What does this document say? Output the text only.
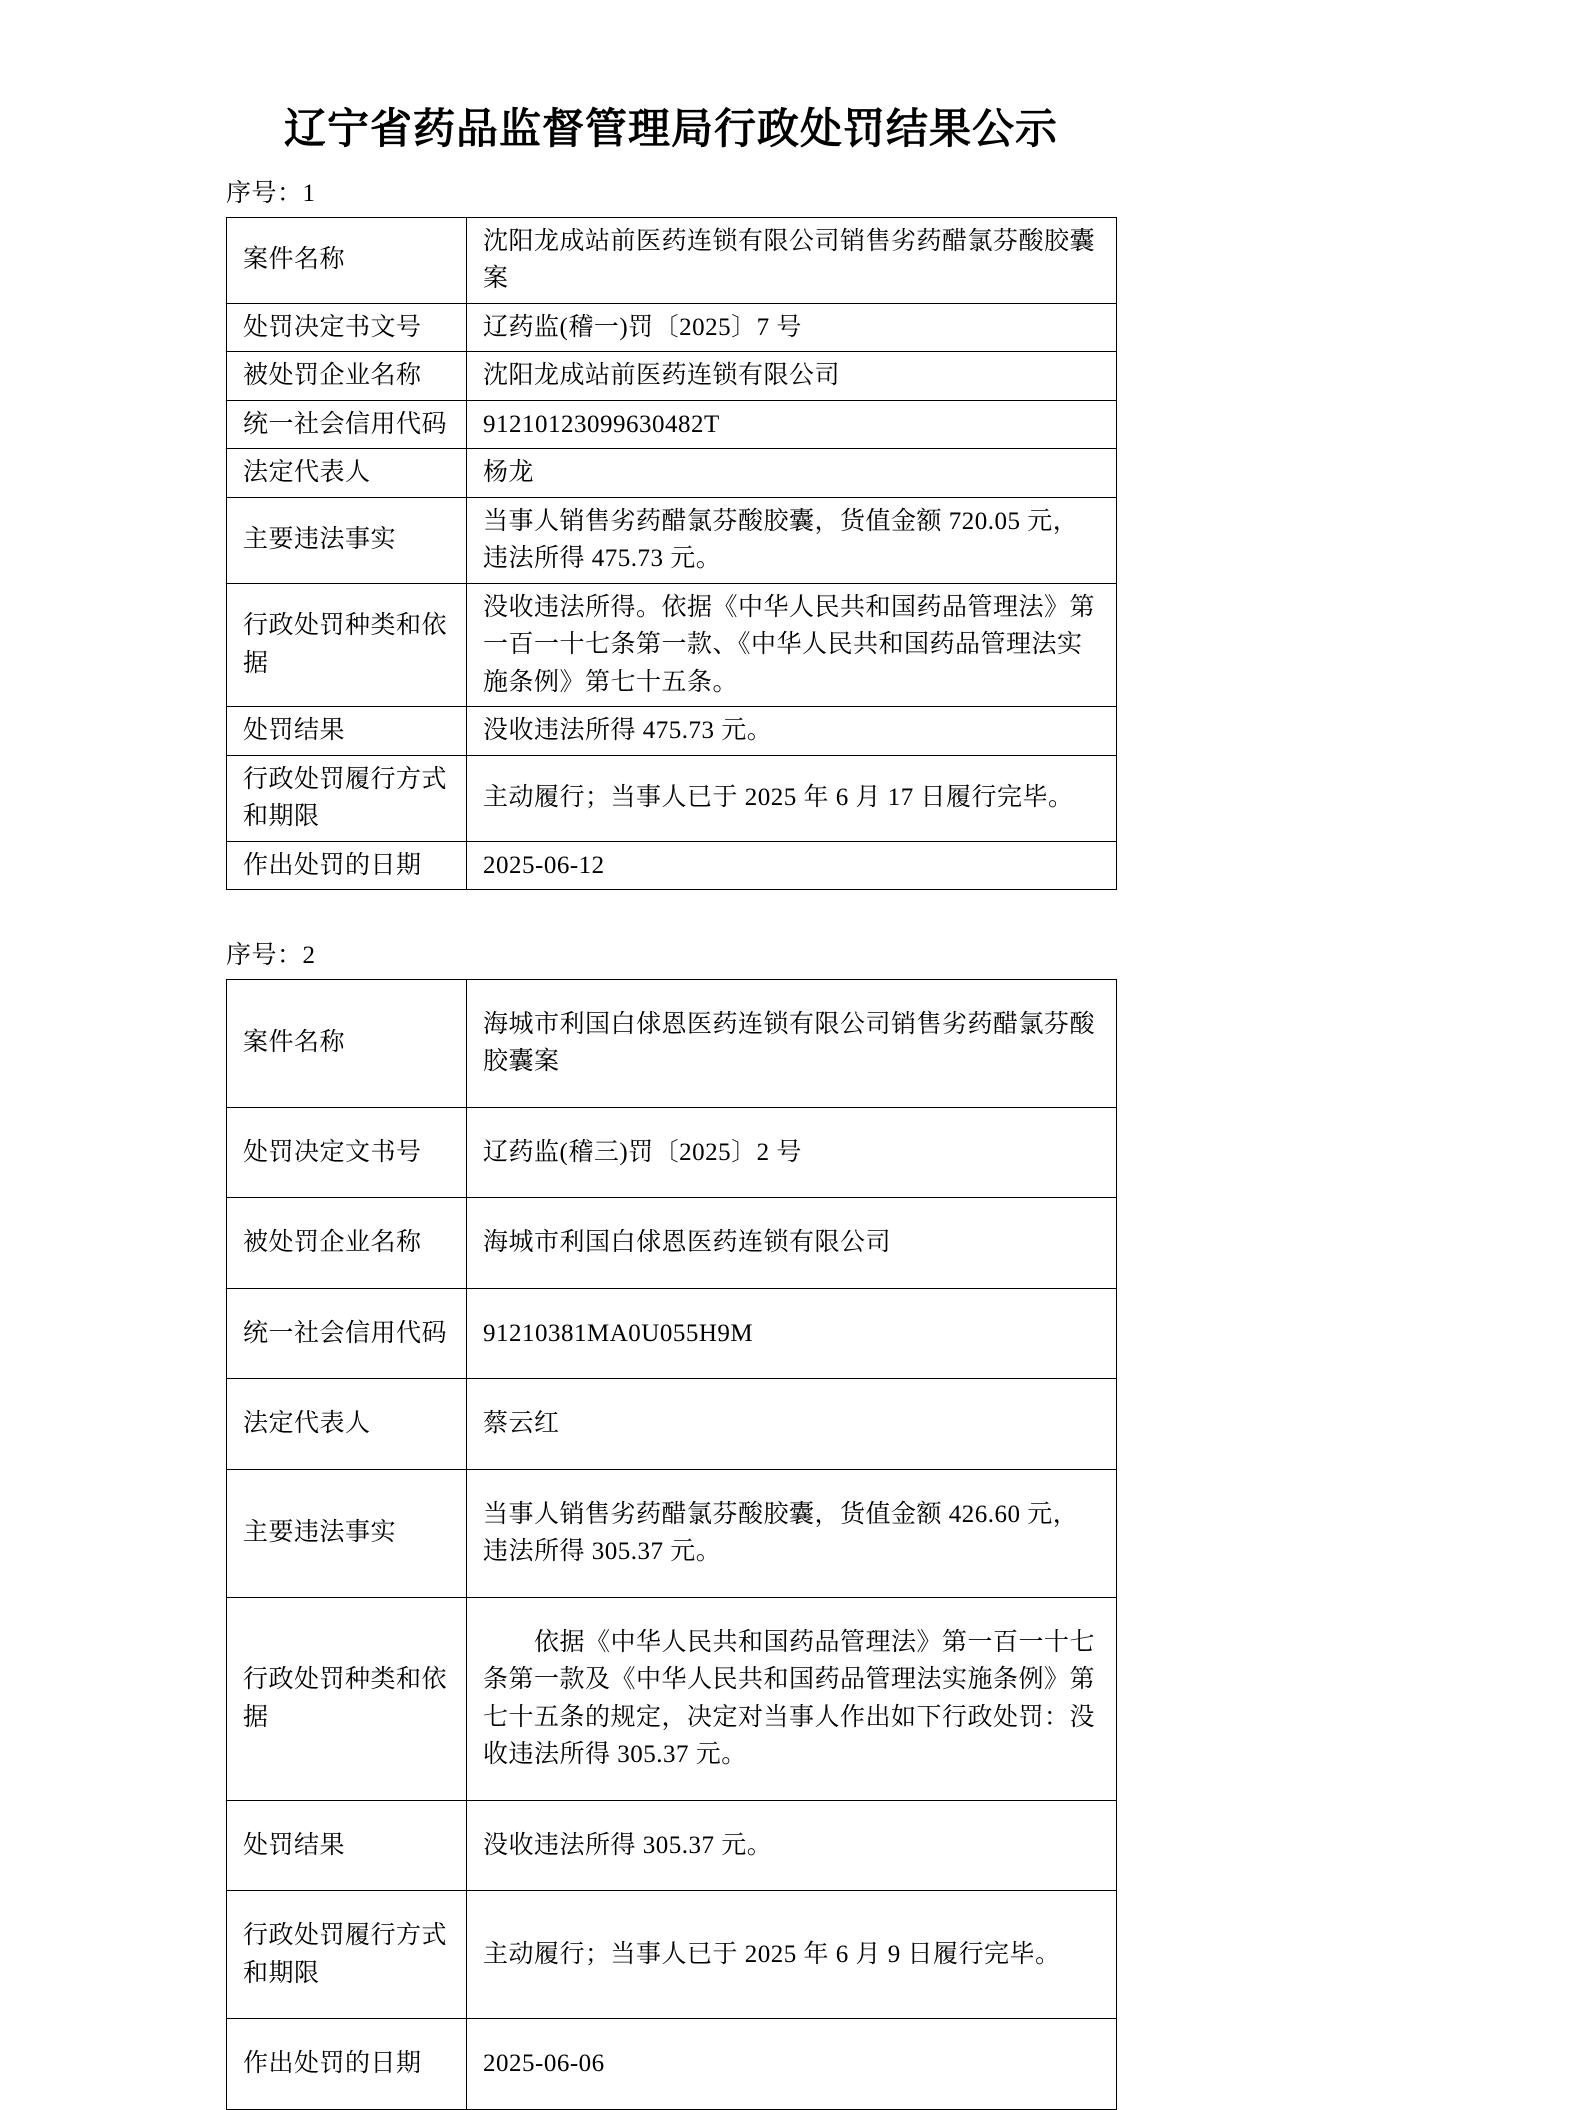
辽宁省药品监督管理局行政处罚结果公示
序号：1
案件名称	沈阳龙成站前医药连锁有限公司销售劣药醋氯芬酸胶囊案
处罚决定书文号	辽药监(稽一)罚〔2025〕7 号
被处罚企业名称	沈阳龙成站前医药连锁有限公司
统一社会信用代码	91210123099630482T
法定代表人	杨龙
主要违法事实	当事人销售劣药醋氯芬酸胶囊，货值金额 720.05 元，违法所得 475.73 元。
行政处罚种类和依据	没收违法所得。依据《中华人民共和国药品管理法》第一百一十七条第一款、《中华人民共和国药品管理法实施条例》第七十五条。
处罚结果	没收违法所得 475.73 元。
行政处罚履行方式和期限	主动履行；当事人已于 2025 年 6 月 17 日履行完毕。
作出处罚的日期	2025-06-12
序号：2
案件名称	海城市利国白俅恩医药连锁有限公司销售劣药醋氯芬酸胶囊案
处罚决定文书号	辽药监(稽三)罚〔2025〕2 号
被处罚企业名称	海城市利国白俅恩医药连锁有限公司
统一社会信用代码	91210381MA0U055H9M
法定代表人	蔡云红
主要违法事实	当事人销售劣药醋氯芬酸胶囊，货值金额 426.60 元，违法所得 305.37 元。
行政处罚种类和依据	　　依据《中华人民共和国药品管理法》第一百一十七条第一款及《中华人民共和国药品管理法实施条例》第七十五条的规定，决定对当事人作出如下行政处罚：没收违法所得 305.37 元。
处罚结果	没收违法所得 305.37 元。
行政处罚履行方式和期限	主动履行；当事人已于 2025 年 6 月 9 日履行完毕。
作出处罚的日期	2025-06-06
